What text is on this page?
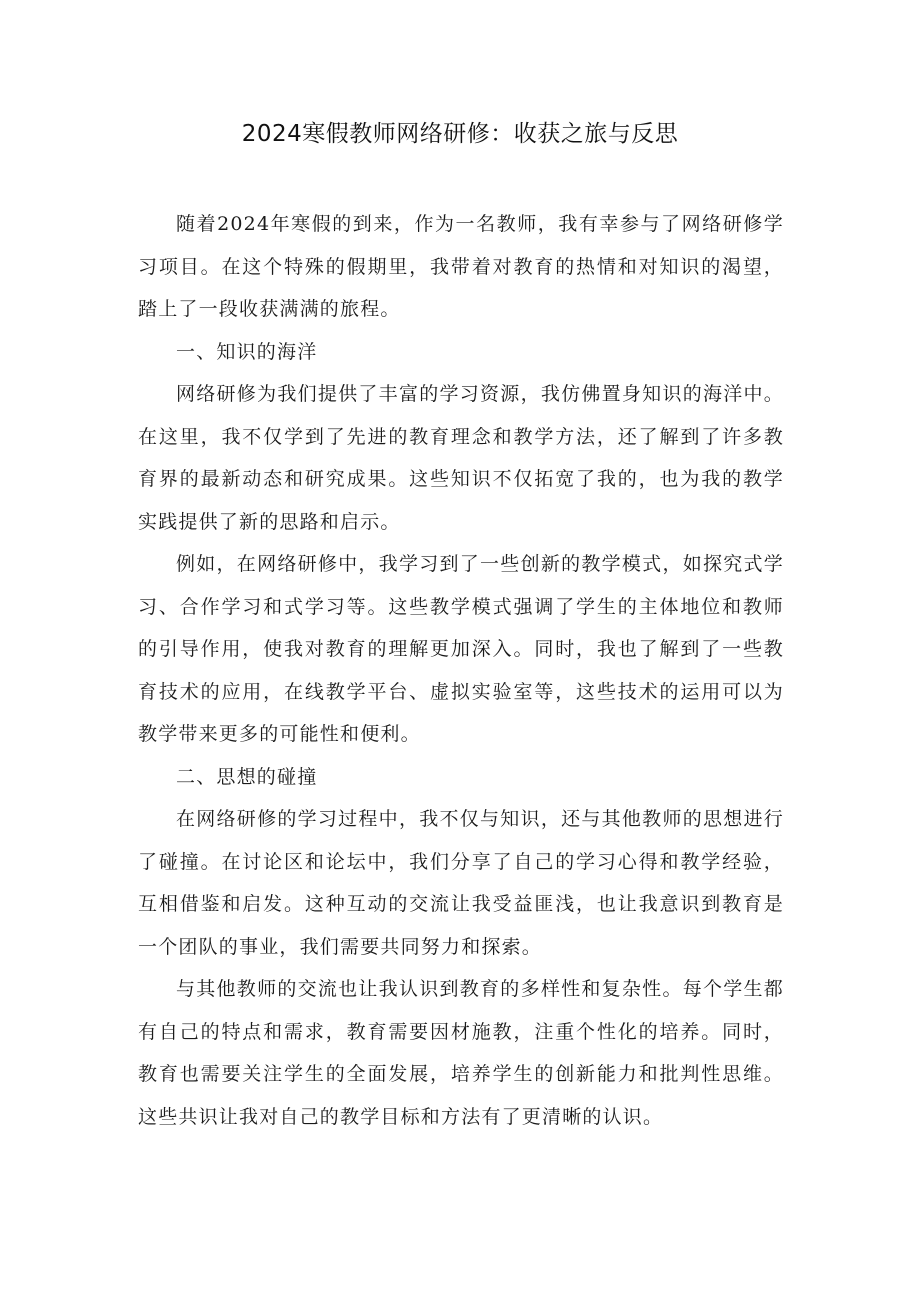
2024寒假教师网络研修：收获之旅与反思

随着2024年寒假的到来，作为一名教师，我有幸参与了网络研修学习项目。在这个特殊的假期里，我带着对教育的热情和对知识的渴望，踏上了一段收获满满的旅程。

一、知识的海洋

网络研修为我们提供了丰富的学习资源，我仿佛置身知识的海洋中。在这里，我不仅学到了先进的教育理念和教学方法，还了解到了许多教育界的最新动态和研究成果。这些知识不仅拓宽了我的，也为我的教学实践提供了新的思路和启示。

例如，在网络研修中，我学习到了一些创新的教学模式，如探究式学习、合作学习和式学习等。这些教学模式强调了学生的主体地位和教师的引导作用，使我对教育的理解更加深入。同时，我也了解到了一些教育技术的应用，在线教学平台、虚拟实验室等，这些技术的运用可以为教学带来更多的可能性和便利。

二、思想的碰撞

在网络研修的学习过程中，我不仅与知识，还与其他教师的思想进行了碰撞。在讨论区和论坛中，我们分享了自己的学习心得和教学经验，互相借鉴和启发。这种互动的交流让我受益匪浅，也让我意识到教育是一个团队的事业，我们需要共同努力和探索。

与其他教师的交流也让我认识到教育的多样性和复杂性。每个学生都有自己的特点和需求，教育需要因材施教，注重个性化的培养。同时，教育也需要关注学生的全面发展，培养学生的创新能力和批判性思维。这些共识让我对自己的教学目标和方法有了更清晰的认识。
